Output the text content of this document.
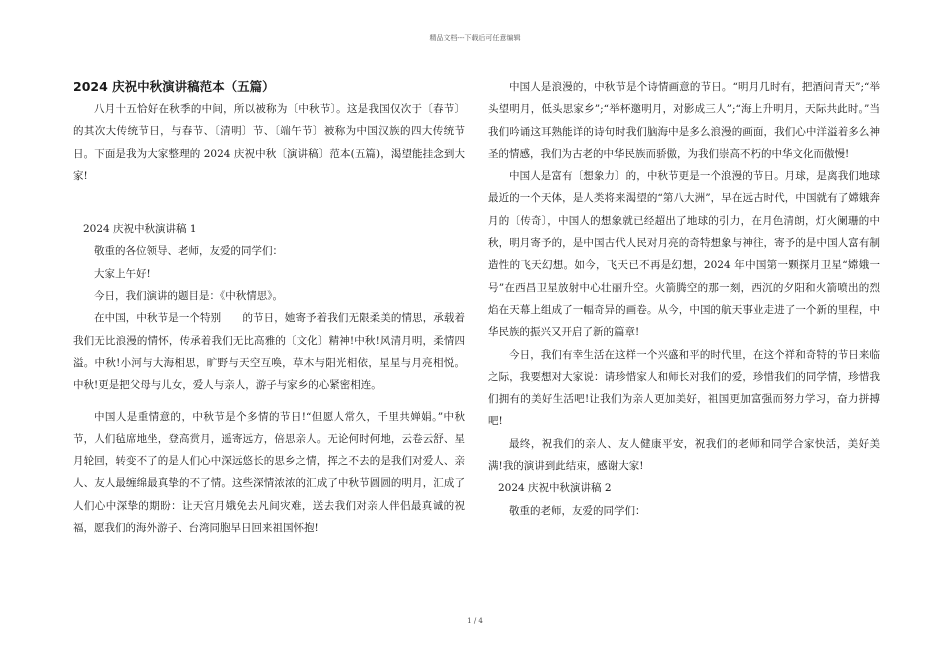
精品文档---下载后可任意编辑
2024 庆祝中秋演讲稿范本（五篇）

八月十五恰好在秋季的中间，所以被称为〔中秋节〕。这是我国仅次于〔春节〕的其次大传统节日，与春节、〔清明〕节、〔端午节〕被称为中国汉族的四大传统节日。下面是我为大家整理的 2024 庆祝中秋〔演讲稿〕范本(五篇)，渴望能挂念到大家!

2024 庆祝中秋演讲稿 1

敬重的各位领导、老师，友爱的同学们：

大家上午好!

今日，我们演讲的题目是：《中秋情思》。

在中国，中秋节是一个特别　　的节日，她寄予着我们无限柔美的情思，承载着我们无比浪漫的情怀，传承着我们无比高雅的〔文化〕精神!中秋!风清月明，柔情四溢。中秋!小河与大海相思，旷野与天空互唤，草木与阳光相依，星星与月亮相悦。中秋!更是把父母与儿女，爱人与亲人，游子与家乡的心紧密相连。

中国人是重情意的，中秋节是个多情的节日!“但愿人常久，千里共婵娟。”中秋节，人们毡席地坐，登高赏月，遥寄远方，倍思亲人。无论何时何地，云卷云舒、星月轮回，转变不了的是人们心中深远悠长的思乡之情，挥之不去的是我们对爱人、亲人、友人最缠绵最真挚的不了情。这些深情浓浓的汇成了中秋节圆圆的明月，汇成了人们心中深挚的期盼：让天宫月娥免去凡间灾难，送去我们对亲人伴侣最真诚的祝福，愿我们的海外游子、台湾同胞早日回来祖国怀抱!

中国人是浪漫的，中秋节是个诗情画意的节日。“明月几时有，把酒问青天”;“举头望明月，低头思家乡”;“举杯邀明月，对影成三人”;“海上升明月，天际共此时。”当我们吟诵这耳熟能详的诗句时我们脑海中是多么浪漫的画面，我们心中洋溢着多么神圣的情感，我们为古老的中华民族而骄傲，为我们崇高不朽的中华文化而傲慢!

中国人是富有〔想象力〕的，中秋节更是一个浪漫的节日。月球，是离我们地球最近的一个天体，是人类将来渴望的“第八大洲”，早在远古时代，中国就有了嫦娥奔月的〔传奇〕，中国人的想象就已经超出了地球的引力，在月色清朗，灯火阑珊的中秋，明月寄予的，是中国古代人民对月亮的奇特想象与神往，寄予的是中国人富有制造性的飞天幻想。如今，飞天已不再是幻想，2024 年中国第一颗探月卫星“嫦娥一号”在西昌卫星放射中心壮丽升空。火箭腾空的那一刻，西沉的夕阳和火箭喷出的烈焰在天幕上组成了一幅奇异的画卷。从今，中国的航天事业走进了一个新的里程，中华民族的振兴又开启了新的篇章!

今日，我们有幸生活在这样一个兴盛和平的时代里，在这个祥和奇特的节日来临之际，我要想对大家说：请珍惜家人和师长对我们的爱，珍惜我们的同学情，珍惜我们拥有的美好生活吧!让我们为亲人更加美好，祖国更加富强而努力学习，奋力拼搏吧!

最终，祝我们的亲人、友人健康平安，祝我们的老师和同学合家快活，美好美满!我的演讲到此结束，感谢大家!

2024 庆祝中秋演讲稿 2

敬重的老师，友爱的同学们：

1 / 4
